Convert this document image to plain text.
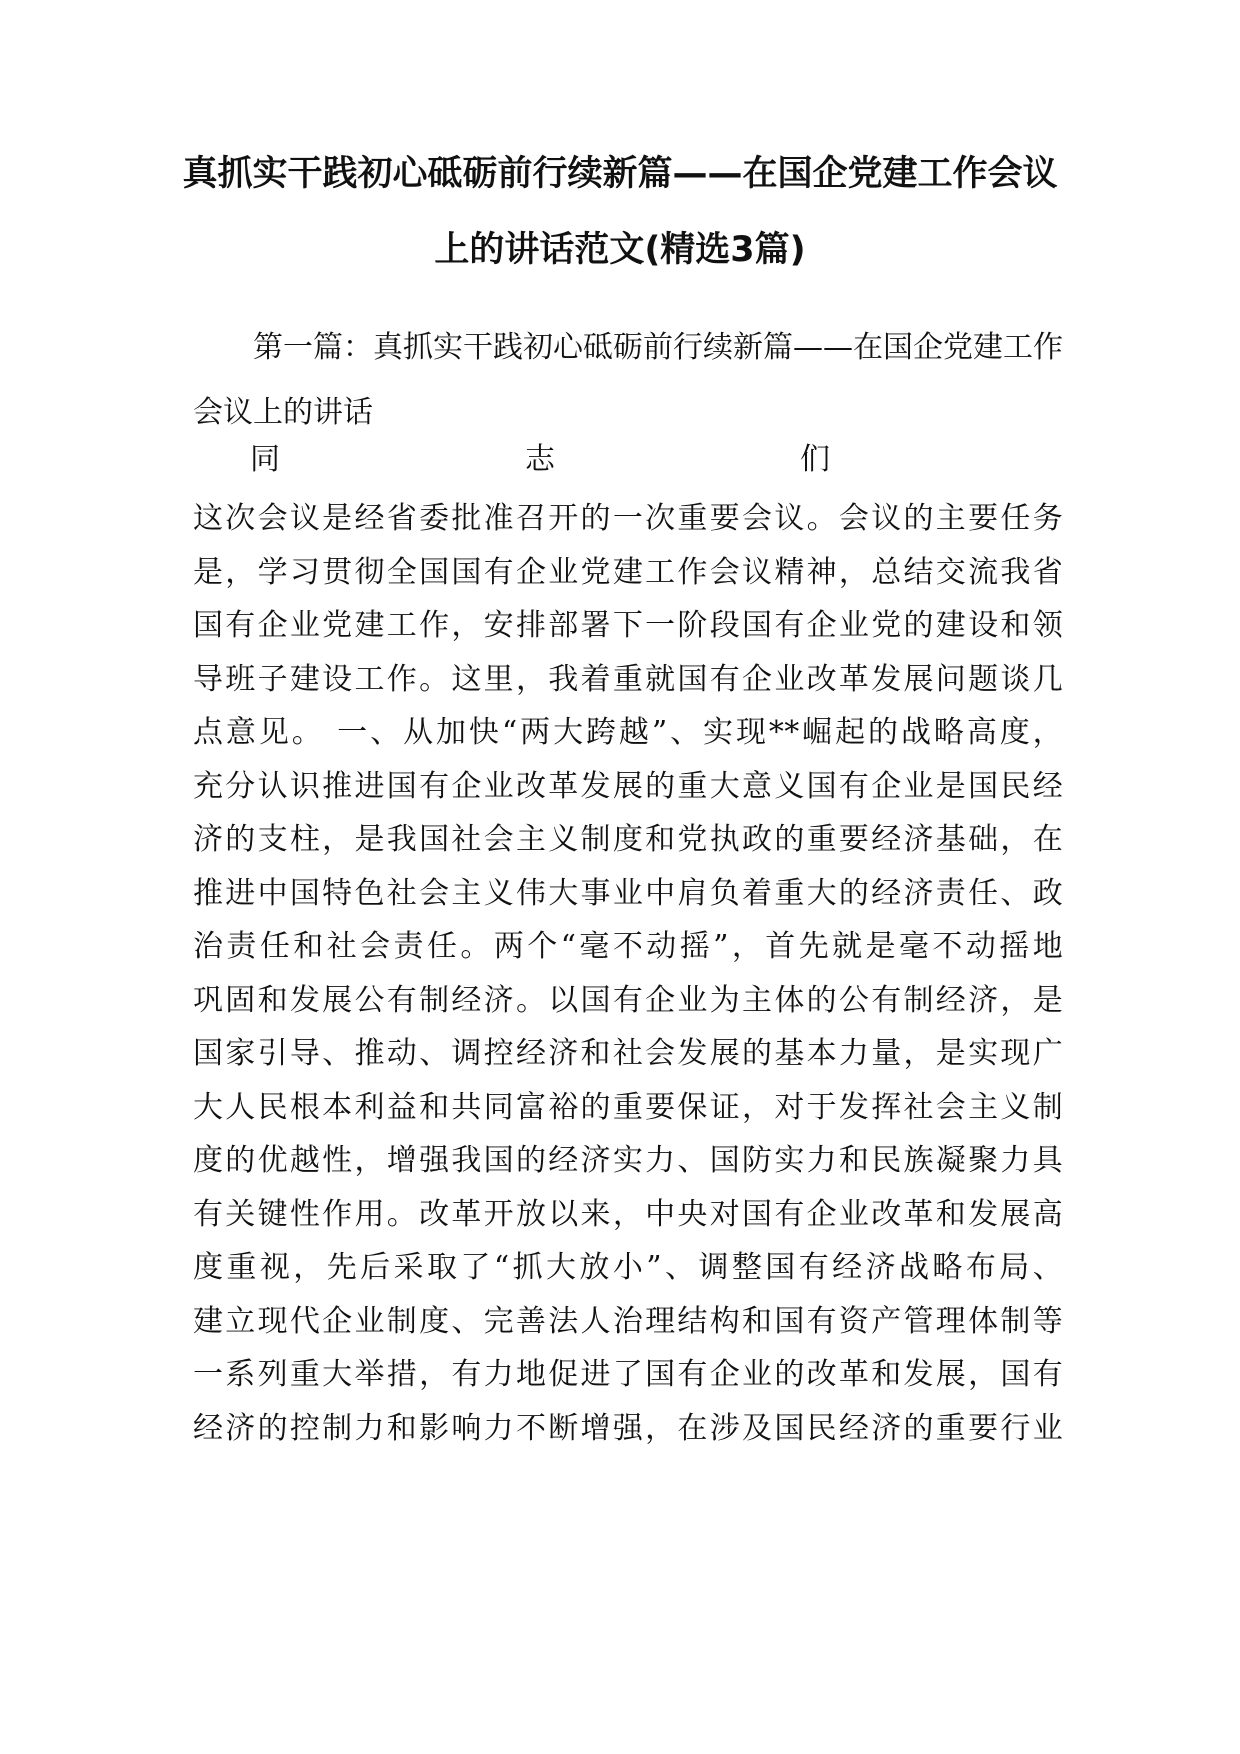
真抓实干践初心砥砺前行续新篇——在国企党建工作会议
上的讲话范文(精选3篇)
第一篇：真抓实干践初心砥砺前行续新篇——在国企党建工作会议上的讲话
同	志	们
这次会议是经省委批准召开的一次重要会议。会议的主要任务
是，学习贯彻全国国有企业党建工作会议精神，总结交流我省
国有企业党建工作，安排部署下一阶段国有企业党的建设和领
导班子建设工作。这里，我着重就国有企业改革发展问题谈几
点意见。 一、从加快“两大跨越”、实现**崛起的战略高度，
充分认识推进国有企业改革发展的重大意义国有企业是国民经
济的支柱，是我国社会主义制度和党执政的重要经济基础，在
推进中国特色社会主义伟大事业中肩负着重大的经济责任、政
治责任和社会责任。两个“毫不动摇”，首先就是毫不动摇地
巩固和发展公有制经济。以国有企业为主体的公有制经济，是
国家引导、推动、调控经济和社会发展的基本力量，是实现广
大人民根本利益和共同富裕的重要保证，对于发挥社会主义制
度的优越性，增强我国的经济实力、国防实力和民族凝聚力具
有关键性作用。改革开放以来，中央对国有企业改革和发展高
度重视，先后采取了“抓大放小”、调整国有经济战略布局、
建立现代企业制度、完善法人治理结构和国有资产管理体制等
一系列重大举措，有力地促进了国有企业的改革和发展，国有
经济的控制力和影响力不断增强，在涉及国民经济的重要行业
